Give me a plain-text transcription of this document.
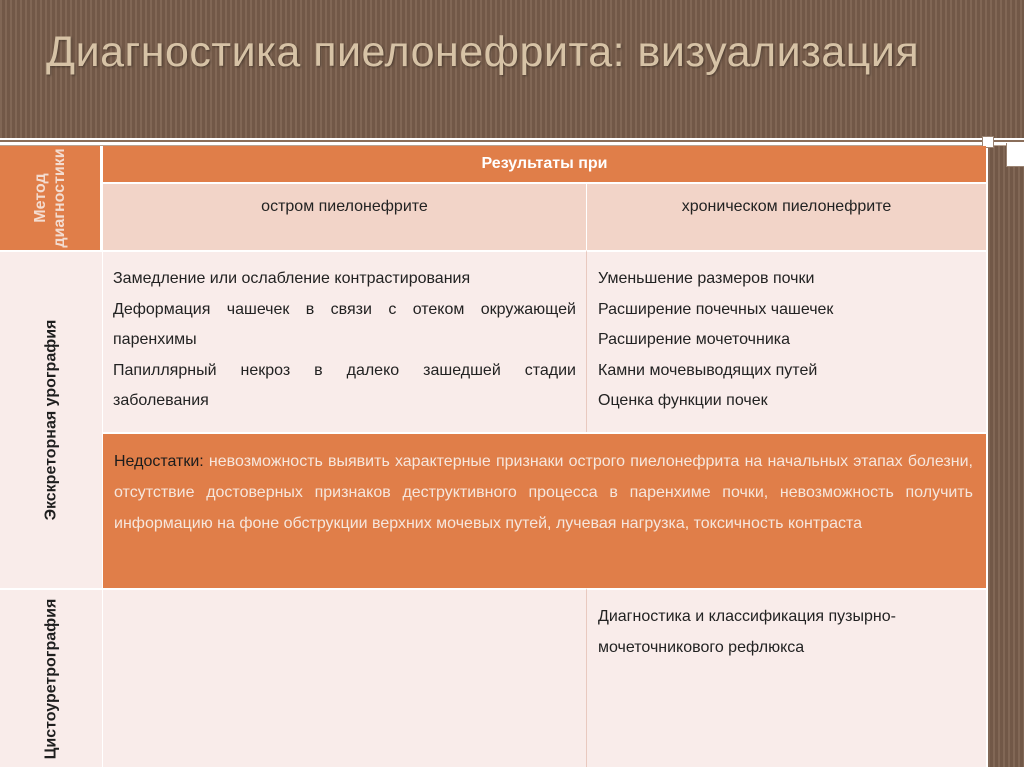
Диагностика пиелонефрита: визуализация
Метод диагностики
Экскреторная урография
Цистоуретрография
Результаты при
остром пиелонефрите	хроническом пиелонефрите
Замедление или ослабление контрастирования
Деформация чашечек в связи с отеком окружающей паренхимы
Папиллярный некроз в далеко зашедшей стадии заболевания
Уменьшение размеров почки
Расширение почечных чашечек
Расширение мочеточника
Камни мочевыводящих путей
Оценка функции почек
Недостатки: невозможность выявить характерные признаки острого пиелонефрита на начальных этапах болезни, отсутствие достоверных признаков деструктивного процесса в паренхиме почки, невозможность получить информацию на фоне обструкции верхних мочевых путей, лучевая нагрузка, токсичность контраста
Диагностика и классификация пузырно-мочеточникового рефлюкса
